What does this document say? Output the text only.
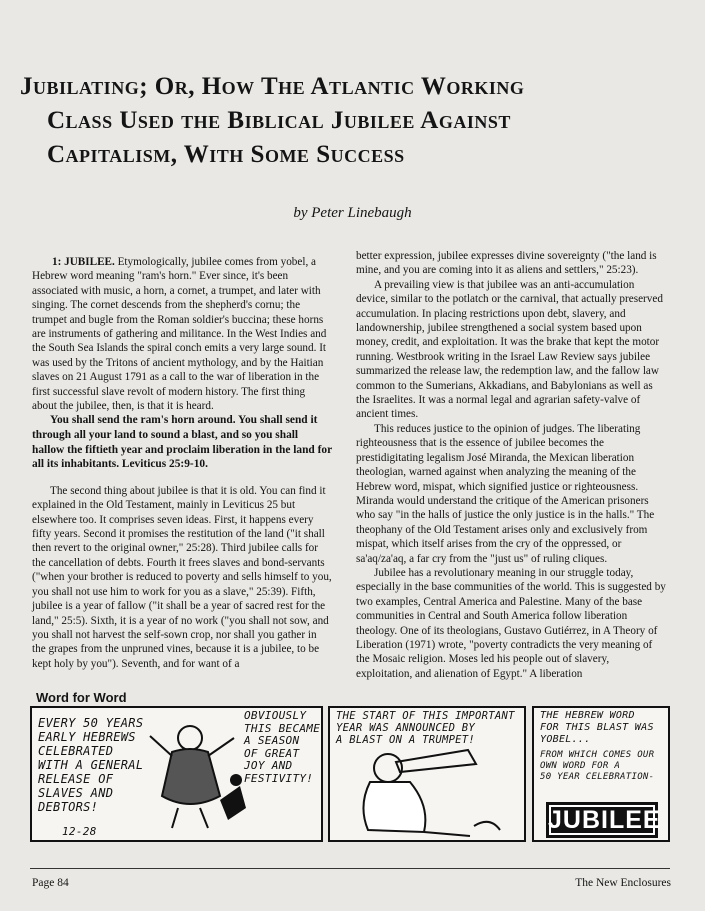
Jubilating; Or, How The Atlantic Working
Class Used the Biblical Jubilee Against
Capitalism, With Some Success
by Peter Linebaugh

1: JUBILEE. Etymologically, jubilee comes from yobel, a Hebrew word meaning "ram's horn." Ever since, it's been associated with music, a horn, a cornet, a trumpet, and later with singing. The cornet descends from the shepherd's cornu; the trumpet and bugle from the Roman soldier's buccina; these horns are instruments of gathering and militance. In the West Indies and the South Sea Islands the spiral conch emits a very large sound. It was used by the Tritons of ancient mythology, and by the Haitian slaves on 21 August 1791 as a call to the war of liberation in the first successful slave revolt of modern history. The first thing about the jubilee, then, is that it is heard.

You shall send the ram's horn around. You shall send it through all your land to sound a blast, and so you shall hallow the fiftieth year and proclaim liberation in the land for all its inhabitants. Leviticus 25:9-10.

The second thing about jubilee is that it is old. You can find it explained in the Old Testament, mainly in Leviticus 25 but elsewhere too. It comprises seven ideas. First, it happens every fifty years. Second it promises the restitution of the land ("it shall then revert to the original owner," 25:28). Third jubilee calls for the cancellation of debts. Fourth it frees slaves and bond-servants ("when your brother is reduced to poverty and sells himself to you, you shall not use him to work for you as a slave," 25:39). Fifth, jubilee is a year of fallow ("it shall be a year of sacred rest for the land," 25:5). Sixth, it is a year of no work ("you shall not sow, and you shall not harvest the self-sown crop, nor shall you gather in the grapes from the unpruned vines, because it is a jubilee, to be kept holy by you"). Seventh, and for want of a

better expression, jubilee expresses divine sovereignty ("the land is mine, and you are coming into it as aliens and settlers," 25:23).

A prevailing view is that jubilee was an anti-accumulation device, similar to the potlatch or the carnival, that actually preserved accumulation. In placing restrictions upon debt, slavery, and landownership, jubilee strengthened a social system based upon money, credit, and exploitation. It was the brake that kept the motor running. Westbrook writing in the Israel Law Review says jubilee summarized the release law, the redemption law, and the fallow law common to the Sumerians, Akkadians, and Babylonians as well as the Israelites. It was a normal legal and agrarian safety-valve of ancient times.

This reduces justice to the opinion of judges. The liberating righteousness that is the essence of jubilee becomes the prestidigitating legalism José Miranda, the Mexican liberation theologian, warned against when analyzing the meaning of the Hebrew word, mispat, which signified justice or righteousness. Miranda would understand the critique of the American prisoners who say "in the halls of justice the only justice is in the halls." The theophany of the Old Testament arises only and exclusively from mispat, which itself arises from the cry of the oppressed, or sa'aq/za'aq, a far cry from the "just us" of ruling cliques.

Jubilee has a revolutionary meaning in our struggle today, especially in the base communities of the world. This is suggested by two examples, Central America and Palestine. Many of the base communities in Central and South America follow liberation theology. One of its theologians, Gustavo Gutiérrez, in A Theory of Liberation (1971) wrote, "poverty contradicts the very meaning of the Mosaic religion. Moses led his people out of slavery, exploitation, and alienation of Egypt." A liberation

Word for Word
EVERY 50 YEARS
EARLY HEBREWS
CELEBRATED
WITH A GENERAL
RELEASE OF
SLAVES AND
DEBTORS!
OBVIOUSLY
THIS BECAME
A SEASON
OF GREAT
JOY AND
FESTIVITY!
12-28
THE START OF THIS IMPORTANT
YEAR WAS ANNOUNCED BY
A BLAST ON A TRUMPET!
THE HEBREW WORD
FOR THIS BLAST WAS
YOBEL...
FROM WHICH COMES OUR
OWN WORD FOR A
50 YEAR CELEBRATION-
JUBILEE
Page 84	The New Enclosures
